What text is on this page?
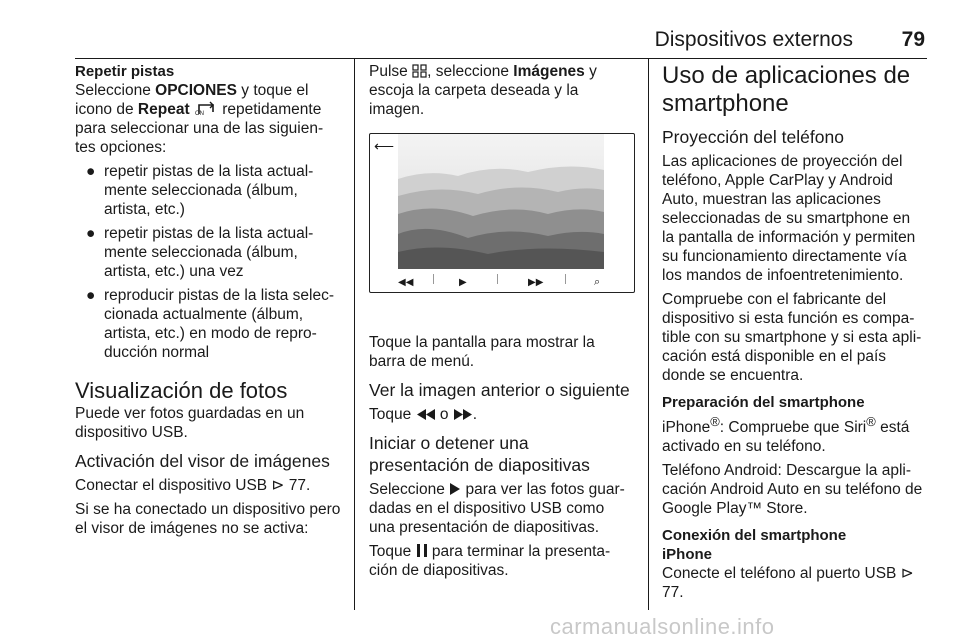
Dispositivos externos 79
Repetir pistas

Seleccione OPCIONES y toque el icono de Repeat ON repetidamente para seleccionar una de las siguien-tes opciones:

● repetir pistas de la lista actual-mente seleccionada (álbum, artista, etc.)
● repetir pistas de la lista actual-mente seleccionada (álbum, artista, etc.) una vez
● reproducir pistas de la lista selec-cionada actualmente (álbum, artista, etc.) en modo de repro-ducción normal
Visualización de fotos

Puede ver fotos guardadas en un dispositivo USB.

Activación del visor de imágenes

Conectar el dispositivo USB ⊳ 77.

Si se ha conectado un dispositivo pero el visor de imágenes no se activa:

Pulse , seleccione Imágenes y escoja la carpeta deseada y la imagen.

⟵
◀◀	▶	▶▶	⌕

Toque la pantalla para mostrar la barra de menú.

Ver la imagen anterior o siguiente

Toque  o .

Iniciar o detener una presentación de diapositivas

Seleccione  para ver las fotos guar-dadas en el dispositivo USB como una presentación de diapositivas.

Toque  para terminar la presenta-ción de diapositivas.

Uso de aplicaciones de smartphone
Proyección del teléfono

Las aplicaciones de proyección del teléfono, Apple CarPlay y Android Auto, muestran las aplicaciones seleccionadas de su smartphone en la pantalla de información y permiten su funcionamiento directamente vía los mandos de infoentretenimiento.

Compruebe con el fabricante del dispositivo si esta función es compa-tible con su smartphone y si esta apli-cación está disponible en el país donde se encuentra.

Preparación del smartphone

iPhone®: Compruebe que Siri® está activado en su teléfono.

Teléfono Android: Descargue la apli-cación Android Auto en su teléfono de Google Play™ Store.

Conexión del smartphone
iPhone

Conecte el teléfono al puerto USB ⊳ 77.

carmanualsonline.info
